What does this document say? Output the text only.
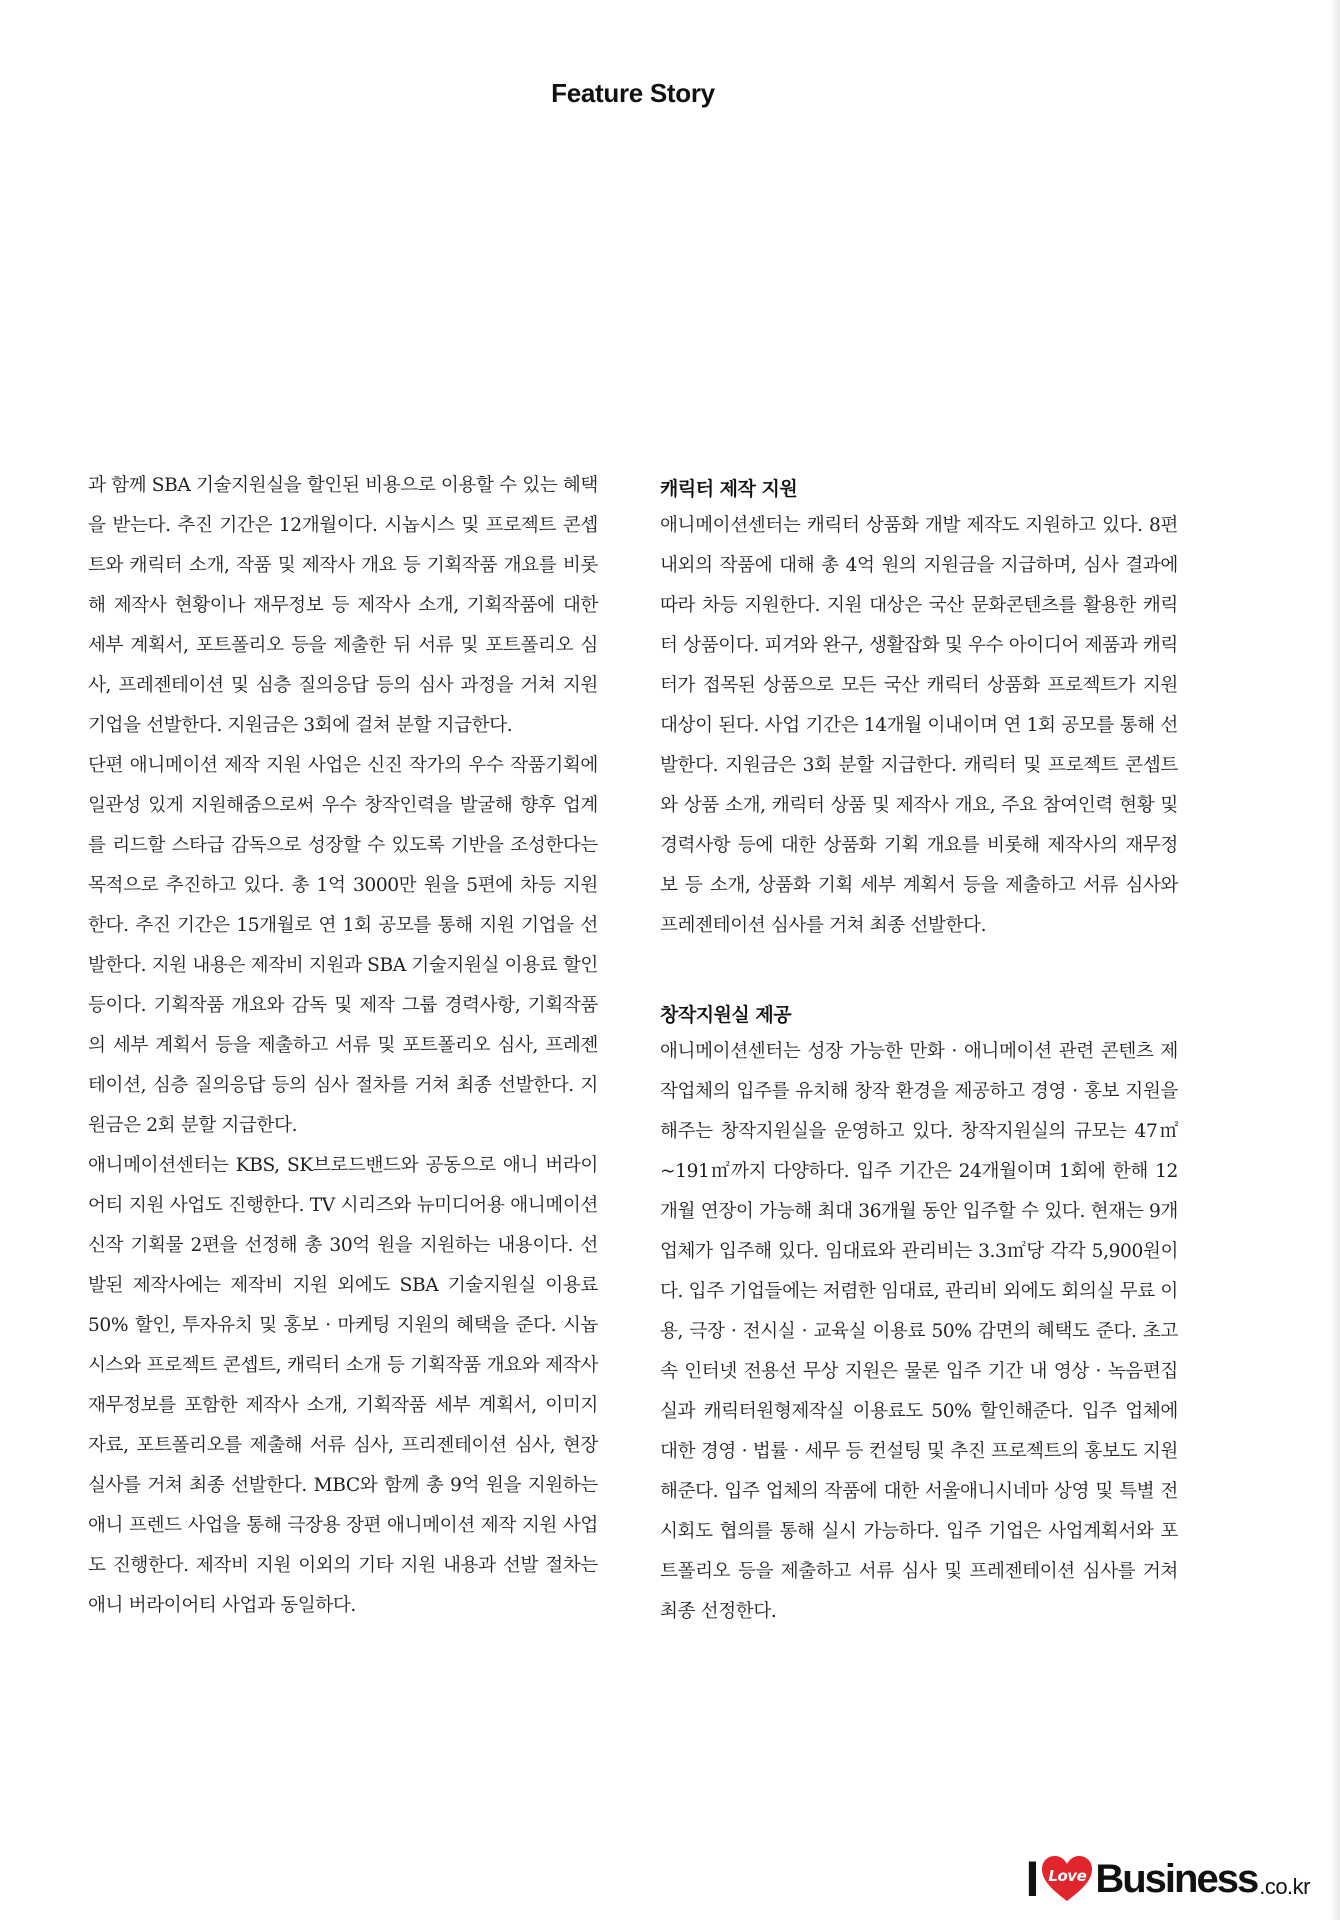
Feature Story

과 함께 SBA 기술지원실을 할인된 비용으로 이용할 수 있는 혜택을 받는다. 추진 기간은 12개월이다. 시놉시스 및 프로젝트 콘셉트와 캐릭터 소개, 작품 및 제작사 개요 등 기획작품 개요를 비롯해 제작사 현황이나 재무정보 등 제작사 소개, 기획작품에 대한 세부 계획서, 포트폴리오 등을 제출한 뒤 서류 및 포트폴리오 심사, 프레젠테이션 및 심층 질의응답 등의 심사 과정을 거쳐 지원 기업을 선발한다. 지원금은 3회에 걸쳐 분할 지급한다.

단편 애니메이션 제작 지원 사업은 신진 작가의 우수 작품기획에 일관성 있게 지원해줌으로써 우수 창작인력을 발굴해 향후 업계를 리드할 스타급 감독으로 성장할 수 있도록 기반을 조성한다는 목적으로 추진하고 있다. 총 1억 3000만 원을 5편에 차등 지원한다. 추진 기간은 15개월로 연 1회 공모를 통해 지원 기업을 선발한다. 지원 내용은 제작비 지원과 SBA 기술지원실 이용료 할인 등이다. 기획작품 개요와 감독 및 제작 그룹 경력사항, 기획작품의 세부 계획서 등을 제출하고 서류 및 포트폴리오 심사, 프레젠테이션, 심층 질의응답 등의 심사 절차를 거쳐 최종 선발한다. 지원금은 2회 분할 지급한다.

애니메이션센터는 KBS, SK브로드밴드와 공동으로 애니 버라이어티 지원 사업도 진행한다. TV 시리즈와 뉴미디어용 애니메이션 신작 기획물 2편을 선정해 총 30억 원을 지원하는 내용이다. 선발된 제작사에는 제작비 지원 외에도 SBA 기술지원실 이용료 50% 할인, 투자유치 및 홍보 · 마케팅 지원의 혜택을 준다. 시놉시스와 프로젝트 콘셉트, 캐릭터 소개 등 기획작품 개요와 제작사 재무정보를 포함한 제작사 소개, 기획작품 세부 계획서, 이미지 자료, 포트폴리오를 제출해 서류 심사, 프리젠테이션 심사, 현장실사를 거쳐 최종 선발한다. MBC와 함께 총 9억 원을 지원하는 애니 프렌드 사업을 통해 극장용 장편 애니메이션 제작 지원 사업도 진행한다. 제작비 지원 이외의 기타 지원 내용과 선발 절차는 애니 버라이어티 사업과 동일하다.

캐릭터 제작 지원

애니메이션센터는 캐릭터 상품화 개발 제작도 지원하고 있다. 8편 내외의 작품에 대해 총 4억 원의 지원금을 지급하며, 심사 결과에 따라 차등 지원한다. 지원 대상은 국산 문화콘텐츠를 활용한 캐릭터 상품이다. 피겨와 완구, 생활잡화 및 우수 아이디어 제품과 캐릭터가 접목된 상품으로 모든 국산 캐릭터 상품화 프로젝트가 지원 대상이 된다. 사업 기간은 14개월 이내이며 연 1회 공모를 통해 선발한다. 지원금은 3회 분할 지급한다. 캐릭터 및 프로젝트 콘셉트와 상품 소개, 캐릭터 상품 및 제작사 개요, 주요 참여인력 현황 및 경력사항 등에 대한 상품화 기획 개요를 비롯해 제작사의 재무정보 등 소개, 상품화 기획 세부 계획서 등을 제출하고 서류 심사와 프레젠테이션 심사를 거쳐 최종 선발한다.

창작지원실 제공

애니메이션센터는 성장 가능한 만화 · 애니메이션 관련 콘텐츠 제작업체의 입주를 유치해 창작 환경을 제공하고 경영 · 홍보 지원을 해주는 창작지원실을 운영하고 있다. 창작지원실의 규모는 47㎡~191㎡까지 다양하다. 입주 기간은 24개월이며 1회에 한해 12개월 연장이 가능해 최대 36개월 동안 입주할 수 있다. 현재는 9개 업체가 입주해 있다. 임대료와 관리비는 3.3㎡당 각각 5,900원이다. 입주 기업들에는 저렴한 임대료, 관리비 외에도 회의실 무료 이용, 극장 · 전시실 · 교육실 이용료 50% 감면의 혜택도 준다. 초고속 인터넷 전용선 무상 지원은 물론 입주 기간 내 영상 · 녹음편집실과 캐릭터원형제작실 이용료도 50% 할인해준다. 입주 업체에 대한 경영 · 법률 · 세무 등 컨설팅 및 추진 프로젝트의 홍보도 지원해준다. 입주 업체의 작품에 대한 서울애니시네마 상영 및 특별 전시회도 협의를 통해 실시 가능하다. 입주 기업은 사업계획서와 포트폴리오 등을 제출하고 서류 심사 및 프레젠테이션 심사를 거쳐 최종 선정한다.

I Love Business .co.kr
